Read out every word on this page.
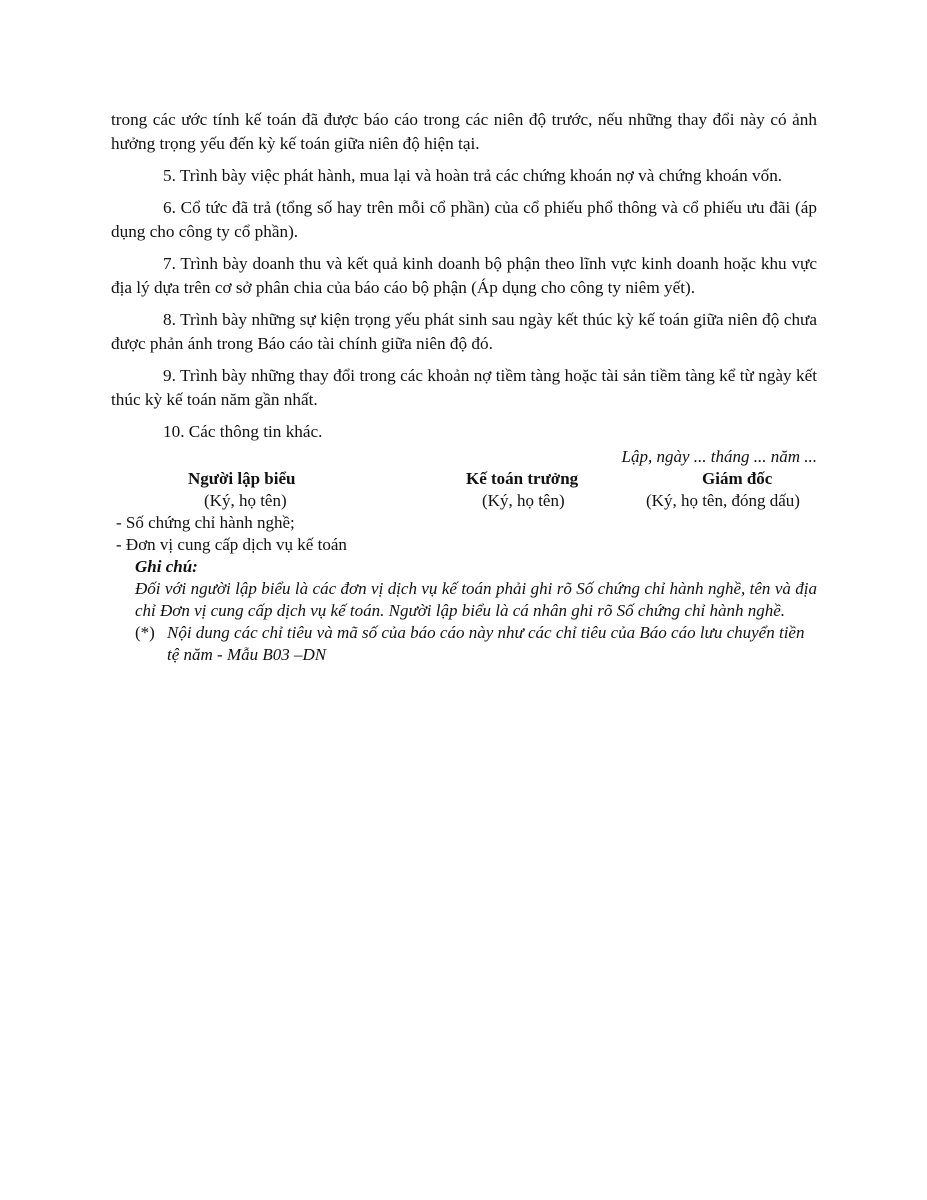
trong các ước tính kế toán đã được báo cáo trong các niên độ trước, nếu những thay đổi này có ảnh hưởng trọng yếu đến kỳ kế toán giữa niên độ hiện tại.

5. Trình bày việc phát hành, mua lại và hoàn trả các chứng khoán nợ và chứng khoán vốn.

6. Cổ tức đã trả (tổng số hay trên mỗi cổ phần) của cổ phiếu phổ thông và cổ phiếu ưu đãi (áp dụng cho công ty cổ phần).

7. Trình bày doanh thu và kết quả kinh doanh bộ phận theo lĩnh vực kinh doanh hoặc khu vực địa lý dựa trên cơ sở phân chia của báo cáo bộ phận (Áp dụng cho công ty niêm yết).

8. Trình bày những sự kiện trọng yếu phát sinh sau ngày kết thúc kỳ kế toán giữa niên độ chưa được phản ánh trong Báo cáo tài chính giữa niên độ đó.

9. Trình bày những thay đổi trong các khoản nợ tiềm tàng hoặc tài sản tiềm tàng kể từ ngày kết thúc kỳ kế toán năm gần nhất.

10. Các thông tin khác.

Lập, ngày ... tháng ... năm ...

Người lập biểu	Kế toán trưởng	Giám đốc
(Ký, họ tên)	(Ký, họ tên)	(Ký, họ tên, đóng dấu)
- Số chứng chỉ hành nghề;
- Đơn vị cung cấp dịch vụ kế toán
Ghi chú:
Đối với người lập biểu là các đơn vị dịch vụ kế toán phải ghi rõ Số chứng chỉ hành nghề, tên và địa chỉ Đơn vị cung cấp dịch vụ kế toán. Người lập biểu là cá nhân ghi rõ Số chứng chỉ hành nghề.
(*) Nội dung các chỉ tiêu và mã số của báo cáo này như các chỉ tiêu của Báo cáo lưu chuyển tiền tệ năm - Mẫu B03 –DN
